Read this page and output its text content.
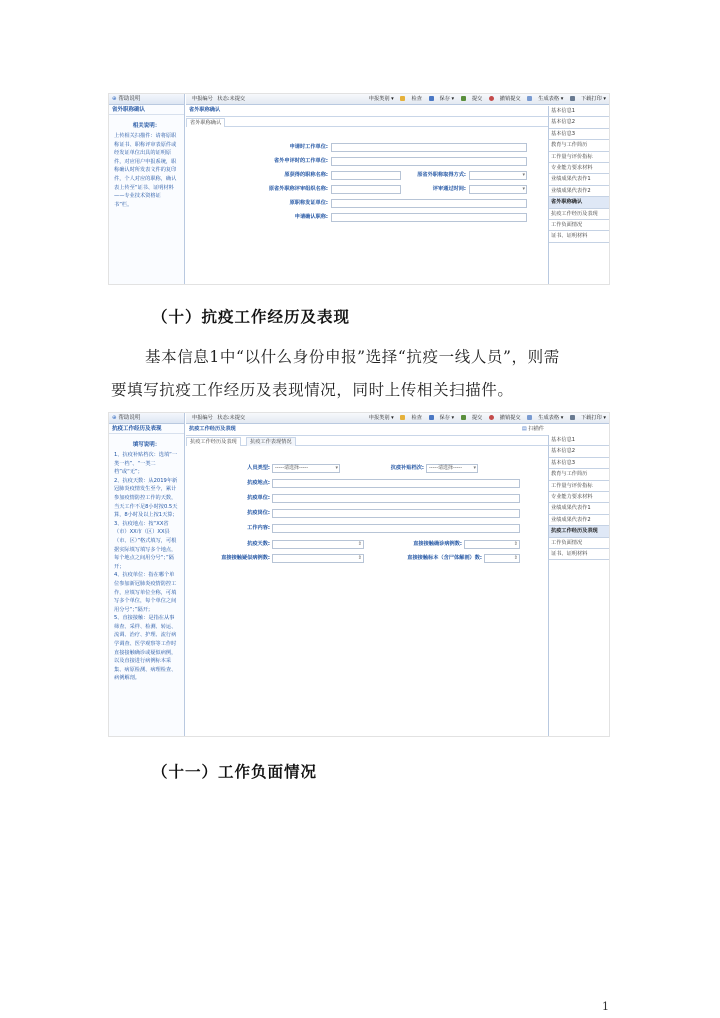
⊕ 帮助说明
省外职称确认
相关说明：

上传相关扫描件：请将原职称证书、职称评审表原件或经发证单位出具的证明原件，对应用户申报系统，职称确认时所发表文件的复印件，个人对应的职称，确认表上传至“证书、证明材料——专业技术资格证书”栏。

申报编号 状态:未提交	申报类别 ▾	检查	保存 ▾	提交	撤销提交	生成表格 ▾	下载打印 ▾
省外职称确认
省外职称确认
申请时工作单位:
省外申评时的工作单位:
原获得的职称名称:	原省外职称取得方式:
▾
原省外职称评审组织名称:	评审通过时间:
▾
原职称发证单位:
申请确认职称:
基本信息1
基本信息2
基本信息3
教育与工作简历
工作量与评价指标
专业能力要求材料
业绩成果代表作1
业绩成果代表作2
省外职称确认
抗疫工作经历及表现
工作负面情况
证书、证明材料
（十）抗疫工作经历及表现
基本信息1中“以什么身份申报”选择“抗疫一线人员”，则需
要填写抗疫工作经历及表现情况，同时上传相关扫描件。
⊕ 帮助说明
抗疫工作经历及表现
填写说明：

1、抗疫补贴档次：选填“一类一档”、“一类二档”或“无”；

2、抗疫天数：从2019年新冠肺炎疫情发生至今，累计参加疫情防控工作的天数，当天工作不足8小时按0.5天算，8小时及以上按1天算；

3、抗疫地点：按“XX省（市）XX市（区）XX县（市、区）”格式填写，可根据实际填写填写多个地点，每个地点之间用分号“；”隔开；

4、抗疫单位：指在哪个单位参加新冠肺炎疫情防控工作，应填写单位全称，可填写多个单位，每个单位之间用分号“；”隔开；

5、直接接触：是指在从事筛查、采样、检测、转运、流调、治疗、护理、流行病学调查、医学观察等工作时直接接触确诊或疑似病例，以及直接进行病例标本采集、病原检测、病理检查、病例解剖。

申报编号 状态:未提交	申报类别 ▾	检查	保存 ▾	提交	撤销提交	生成表格 ▾	下载打印 ▾
抗疫工作经历及表现	▤ 扫描件
抗疫工作经历及表现	抗疫工作表现情况
人员类型:	-----请选择----- ▾	抗疫补贴档次:	-----请选择----- ▾
抗疫地点:
抗疫单位:
抗疫岗位:
工作内容:
抗疫天数: ⇕	直接接触确诊病例数:
⇕
直接接触疑似病例数: ⇕	直接接触标本（含尸体解剖）数:
⇕
基本信息1
基本信息2
基本信息3
教育与工作简历
工作量与评价指标
专业能力要求材料
业绩成果代表作1
业绩成果代表作2
抗疫工作经历及表现
工作负面情况
证书、证明材料
（十一）工作负面情况
1
